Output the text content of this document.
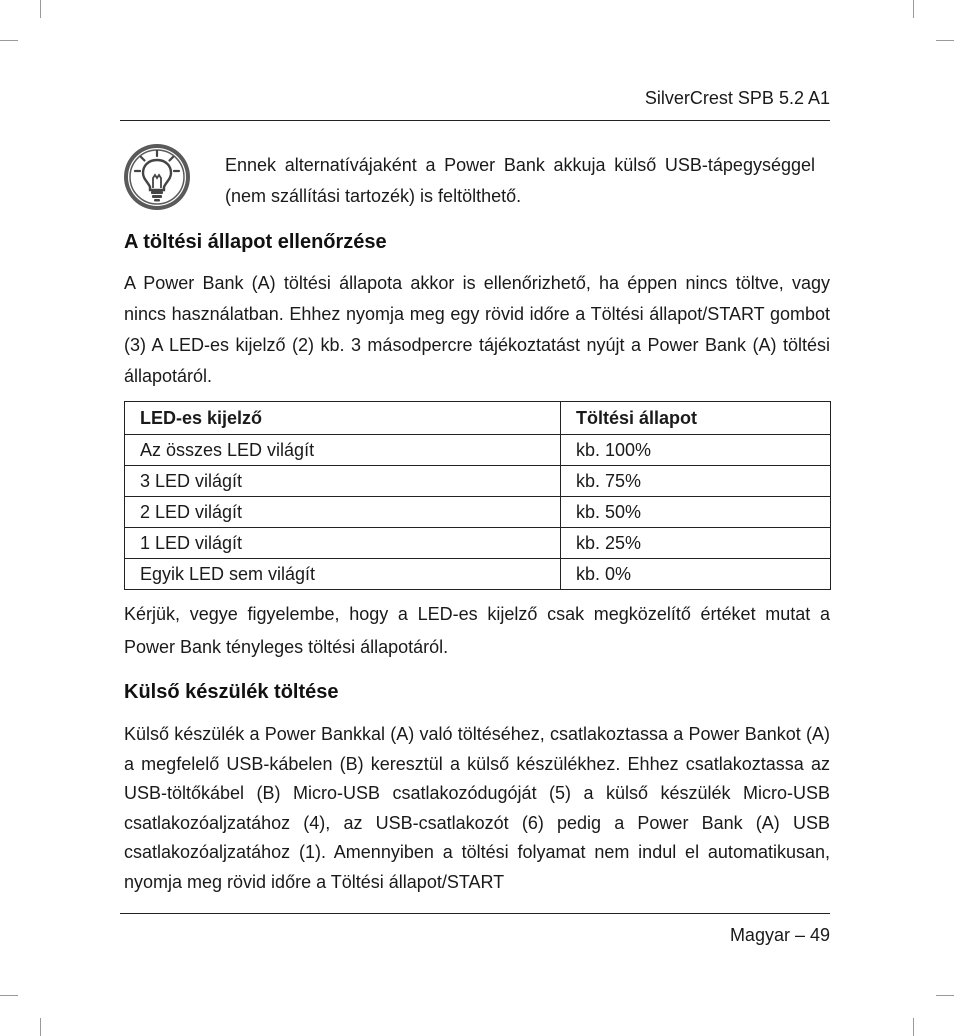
SilverCrest SPB 5.2 A1
Ennek alternatívájaként a Power Bank akkuja külső USB-tápegységgel (nem szállítási tartozék) is feltölthető.
A töltési állapot ellenőrzése

A Power Bank (A) töltési állapota akkor is ellenőrizhető, ha éppen nincs töltve, vagy nincs használatban. Ehhez nyomja meg egy rövid időre a Töltési állapot/START gombot (3) A LED-es kijelző (2) kb. 3 másodpercre tájékoztatást nyújt a Power Bank (A) töltési állapotáról.

LED-es kijelző	Töltési állapot
Az összes LED világít	kb. 100%
3 LED világít	kb. 75%
2 LED világít	kb. 50%
1 LED világít	kb. 25%
Egyik LED sem világít	kb. 0%

Kérjük, vegye figyelembe, hogy a LED-es kijelző csak megközelítő értéket mutat a Power Bank tényleges töltési állapotáról.

Külső készülék töltése

Külső készülék a Power Bankkal (A) való töltéséhez, csatlakoztassa a Power Bankot (A) a megfelelő USB-kábelen (B) keresztül a külső készülékhez. Ehhez csatlakoztassa az USB-töltőkábel (B) Micro-USB csatlakozódugóját (5) a külső készülék Micro-USB csatlakozóaljzatához (4), az USB-csatlakozót (6) pedig a Power Bank (A) USB csatlakozóaljzatához (1). Amennyiben a töltési folyamat nem indul el automatikusan, nyomja meg rövid időre a Töltési állapot/START

Magyar – 49
